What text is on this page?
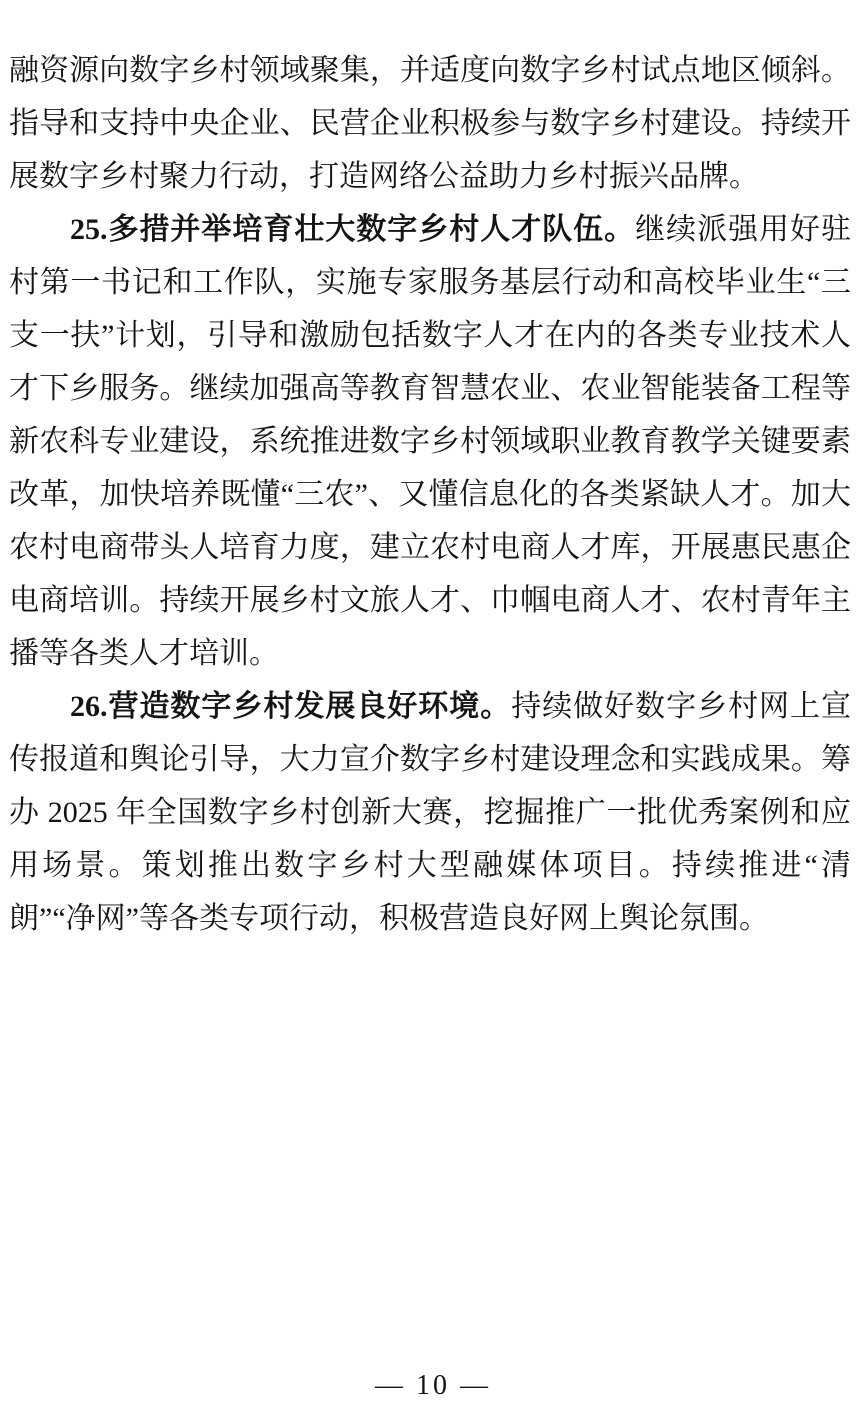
融资源向数字乡村领域聚集，并适度向数字乡村试点地区倾斜。指导和支持中央企业、民营企业积极参与数字乡村建设。持续开展数字乡村聚力行动，打造网络公益助力乡村振兴品牌。

25.多措并举培育壮大数字乡村人才队伍。继续派强用好驻村第一书记和工作队，实施专家服务基层行动和高校毕业生“三支一扶”计划，引导和激励包括数字人才在内的各类专业技术人才下乡服务。继续加强高等教育智慧农业、农业智能装备工程等新农科专业建设，系统推进数字乡村领域职业教育教学关键要素改革，加快培养既懂“三农”、又懂信息化的各类紧缺人才。加大农村电商带头人培育力度，建立农村电商人才库，开展惠民惠企电商培训。持续开展乡村文旅人才、巾帼电商人才、农村青年主播等各类人才培训。

26.营造数字乡村发展良好环境。持续做好数字乡村网上宣传报道和舆论引导，大力宣介数字乡村建设理念和实践成果。筹办 2025 年全国数字乡村创新大赛，挖掘推广一批优秀案例和应用场景。策划推出数字乡村大型融媒体项目。持续推进“清朗”“净网”等各类专项行动，积极营造良好网上舆论氛围。

— 10 —
